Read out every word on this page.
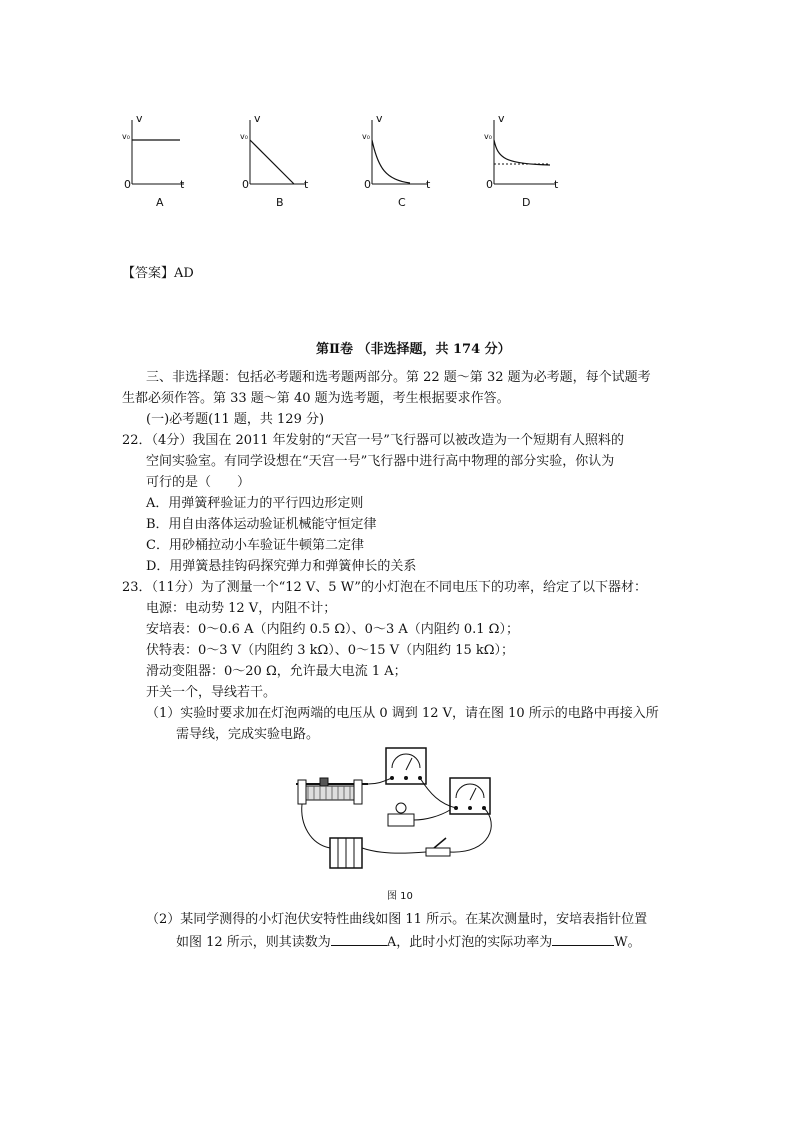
v
v₀
0	t
A
v
v₀
0	t
B
v
v₀
0	t
C
v
v₀
0	t
D
【答案】AD
第Ⅱ卷 （非选择题，共 174 分）
三、非选择题：包括必考题和选考题两部分。第 22 题～第 32 题为必考题，每个试题考
生都必须作答。第 33 题～第 40 题为选考题，考生根据要求作答。
(一)必考题(11 题，共 129 分)
22．（4分）我国在 2011 年发射的“天宫一号”飞行器可以被改造为一个短期有人照料的
空间实验室。有同学设想在“天宫一号”飞行器中进行高中物理的部分实验，你认为
可行的是（　　）
A．用弹簧秤验证力的平行四边形定则
B．用自由落体运动验证机械能守恒定律
C．用砂桶拉动小车验证牛顿第二定律
D．用弹簧悬挂钩码探究弹力和弹簧伸长的关系
23．（11分）为了测量一个“12 V、5 W”的小灯泡在不同电压下的功率，给定了以下器材：
电源：电动势 12 V，内阻不计；
安培表：0～0.6 A（内阻约 0.5 Ω）、0～3 A（内阻约 0.1 Ω）；
伏特表：0～3 V（内阻约 3 kΩ）、0～15 V（内阻约 15 kΩ）；
滑动变阻器：0～20 Ω，允许最大电流 1 A；
开关一个，导线若干。
（1）实验时要求加在灯泡两端的电压从 0 调到 12 V，请在图 10 所示的电路中再接入所
需导线，完成实验电路。
图 10
（2）某同学测得的小灯泡伏安特性曲线如图 11 所示。在某次测量时，安培表指针位置
如图 12 所示，则其读数为	A，此时小灯泡的实际功率为	W。
